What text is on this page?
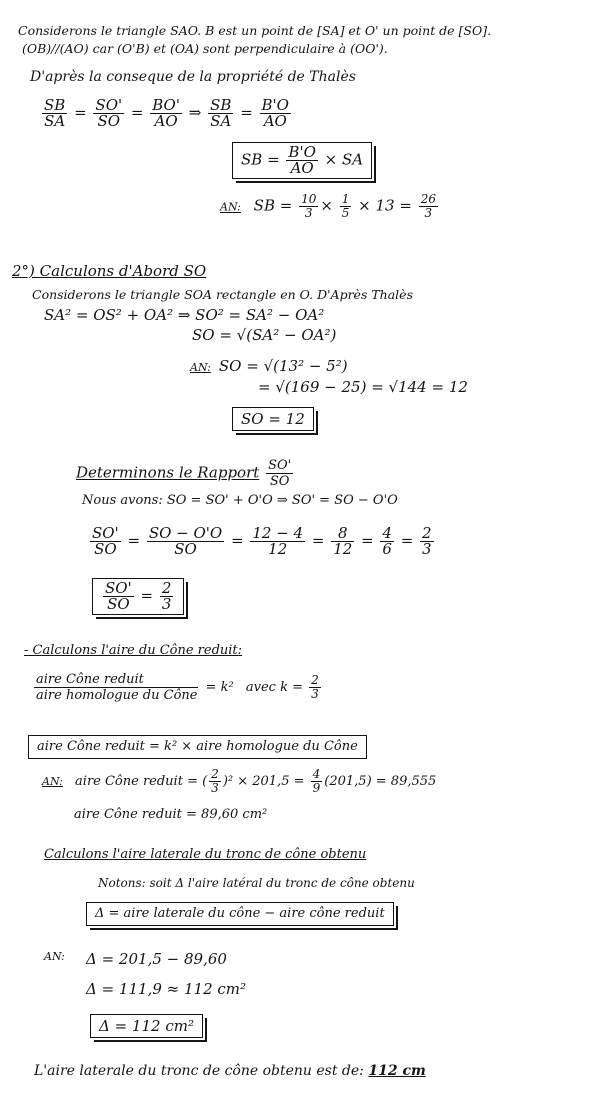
Considerons le triangle SAO. B est un point de [SA] et O' un point de [SO].
(OB)//(AO) car (O'B) et (OA) sont perpendiculaire à (OO').
D'après la conseque de la propriété de Thalès
$\frac{SB}{SA} = \frac{SO'}{SO} = \frac{BO'}{AO}$ ⇒ $\frac{SB}{SA} = \frac{B'O}{AO}$
SB = $\frac{B'O}{AO}$ × SA
AN: SB = $\frac{10}{3} \times \frac{1}{5} \times 13 = \frac{26}{3}$
2°) Calculons d'Abord SO
Considerons le triangle SOA rectangle en O. D'Après Thalès
SA² = OS² + OA² ⇒ SO² = SA² − OA²
SO = √(SA² − OA²)
AN: SO = √(13² − 5²)
= √(169 − 25) = √144 = 12
SO = 12
Determinons le Rapport $\frac{SO'}{SO}$
Nous avons: SO = SO' + O'O ⇒ SO' = SO − O'O
$\frac{SO'}{SO} = \frac{SO - O'O}{SO} = \frac{12 - 4}{12} = \frac{8}{12} = \frac{4}{6} = \frac{2}{3}$
$\frac{SO'}{SO} = \frac{2}{3}$
- Calculons l'aire du Cône reduit:
$\frac{\text{aire Cône reduit}}{\text{aire homologue du Cône}} = k^2$ avec $k = \frac{2}{3}$
aire Cône reduit = k² × aire homologue du Cône
AN: aire Cône reduit = ( $\frac{2}{3} )^2 \times 201,5 = \frac{4}{9} (201,5) = 89,555$
aire Cône reduit = 89,60 cm²
Calculons l'aire laterale du tronc de cône obtenu
Notons: soit Δ l'aire latéral du tronc de cône obtenu
Δ = aire laterale du cône − aire cône reduit
AN: Δ = 201,5 − 89,60
Δ = 111,9 ≈ 112 cm²
Δ = 112 cm²
L'aire laterale du tronc de cône obtenu est de: 112 cm
